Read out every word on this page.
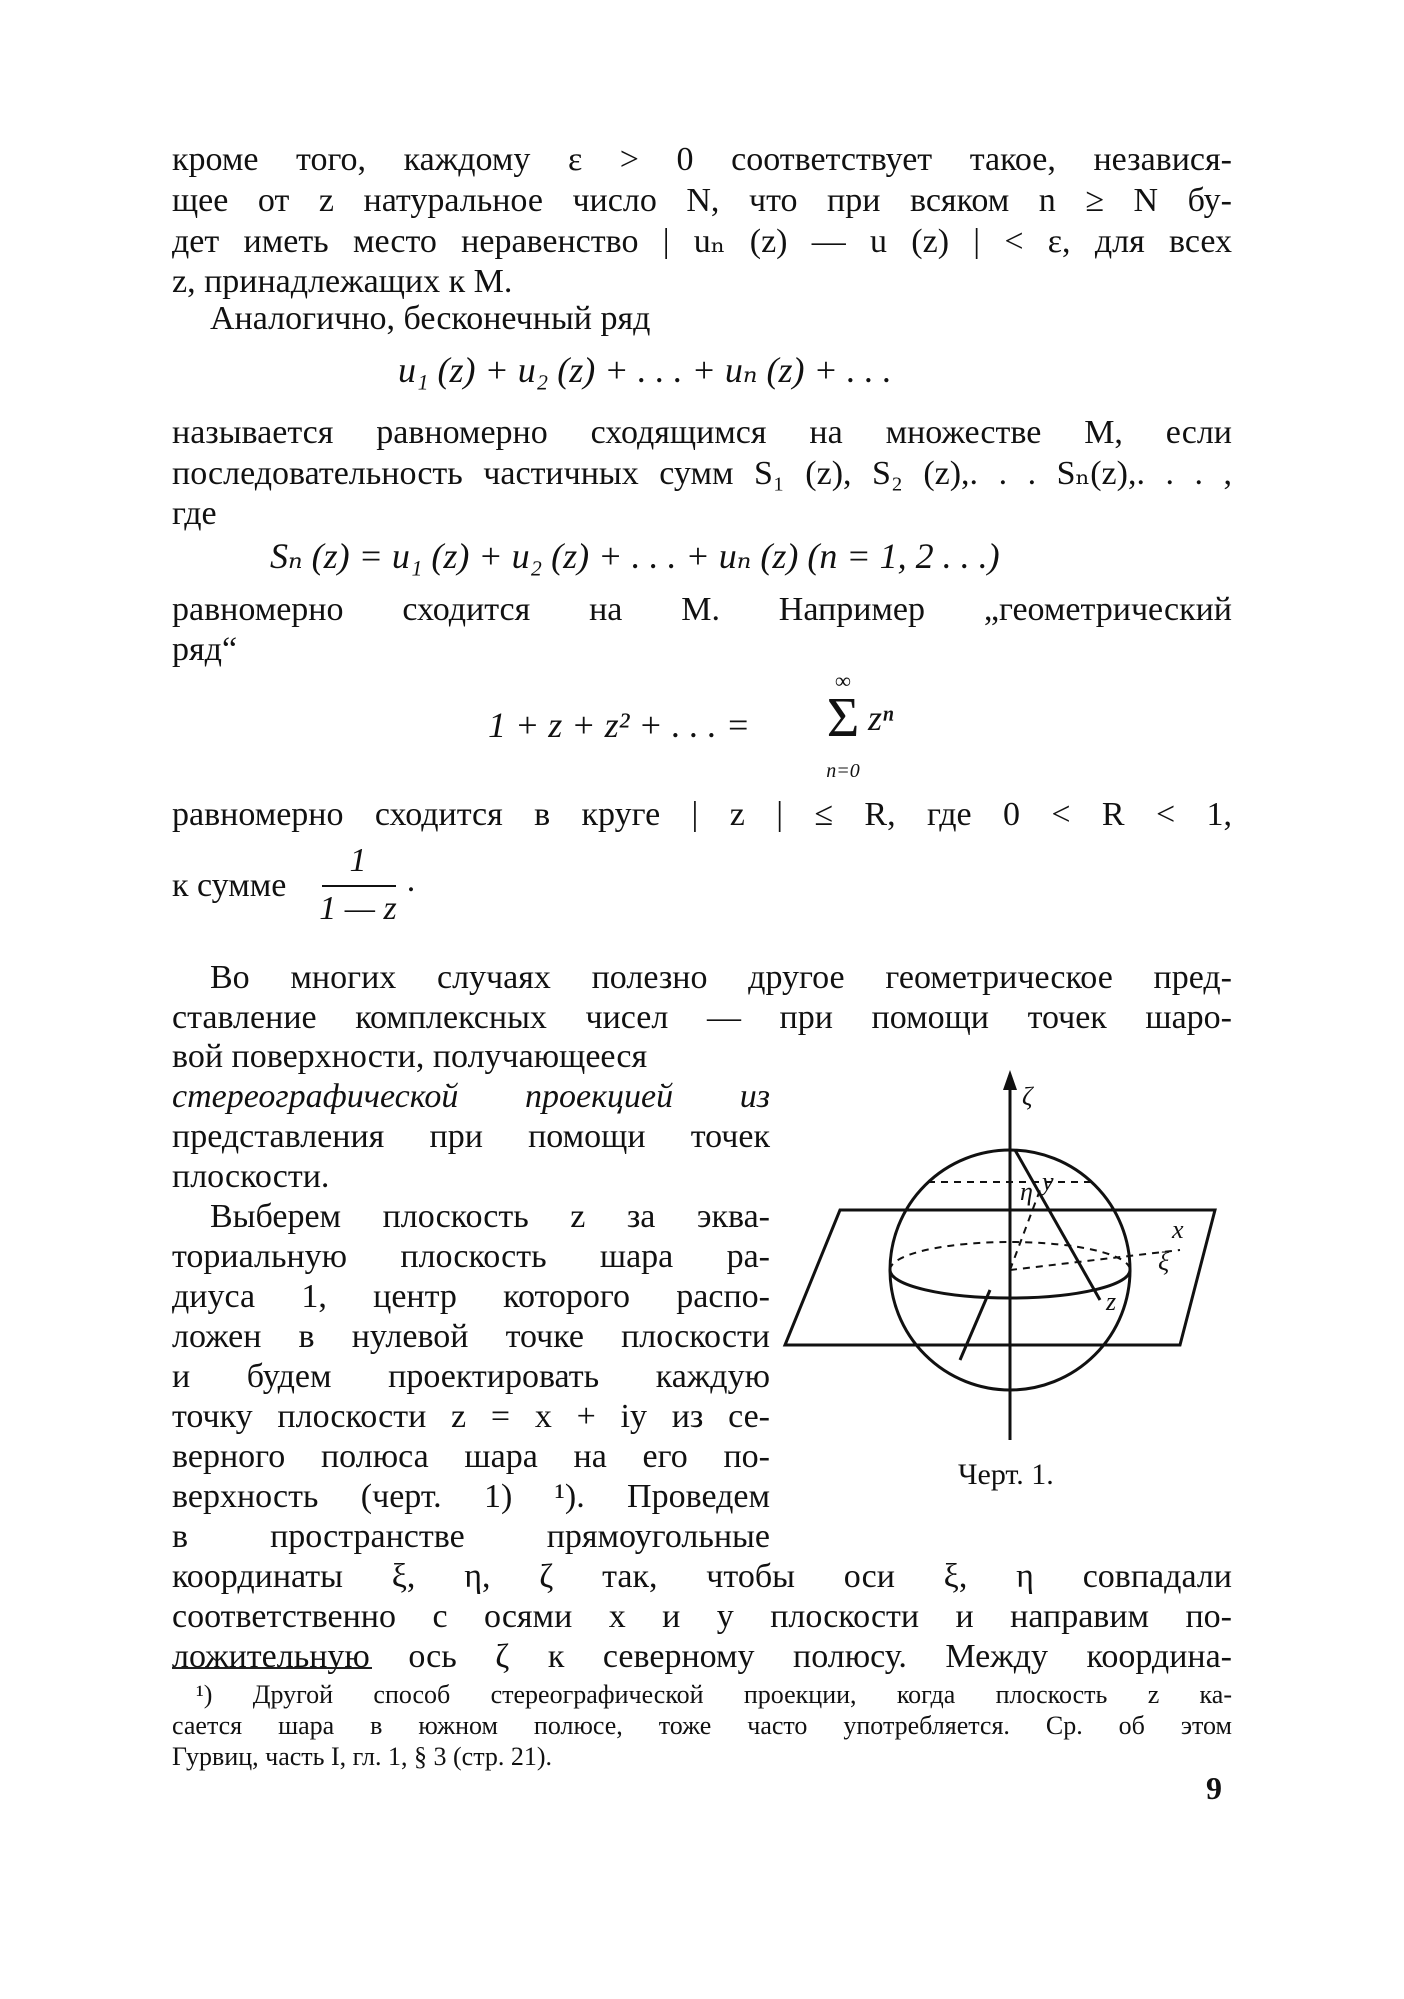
кроме того, каждому ε > 0 соответствует такое, независя-
щее от z натуральное число N, что при всяком n ≥ N бу-
дет иметь место неравенство | uₙ (z) — u (z) | < ε, для всех
z, принадлежащих к M.
Аналогично, бесконечный ряд
u₁ (z) + u₂ (z) + . . . + uₙ (z) + . . .
называется равномерно сходящимся на множестве M, если
последовательность частичных сумм S₁ (z), S₂ (z),. . . Sₙ(z),. . . ,
где
Sₙ (z) = u₁ (z) + u₂ (z) + . . . + uₙ (z) (n = 1, 2 . . .)
равномерно сходится на M. Например „геометрический
ряд“
1 + z + z² + . . . =
∞
Σ zⁿ
n=0
равномерно сходится в круге | z | ≤ R, где 0 < R < 1,
к сумме
1
1 — z
.
Во многих случаях полезно другое геометрическое пред-
ставление комплексных чисел — при помощи точек шаро-
вой поверхности, получающееся
стереографической проекцией из
представления при помощи точек
плоскости.
Выберем плоскость z за эква-
ториальную плоскость шара ра-
диуса 1, центр которого распо-
ложен в нулевой точке плоскости
и будем проектировать каждую
точку плоскости z = x + iy из се-
верного полюса шара на его по-
верхность (черт. 1) ¹). Проведем
в пространстве прямоугольные
координаты ξ, η, ζ так, чтобы оси ξ, η совпадали
соответственно с осями x и y плоскости и направим по-
ложительную ось ζ к северному полюсу. Между координа-
ζ
η y
x
ξ
z
Черт. 1.
¹) Другой способ стереографической проекции, когда плоскость z ка-
сается шара в южном полюсе, тоже часто употребляется. Ср. об этом
Гурвиц, часть I, гл. 1, § 3 (стр. 21).
9
